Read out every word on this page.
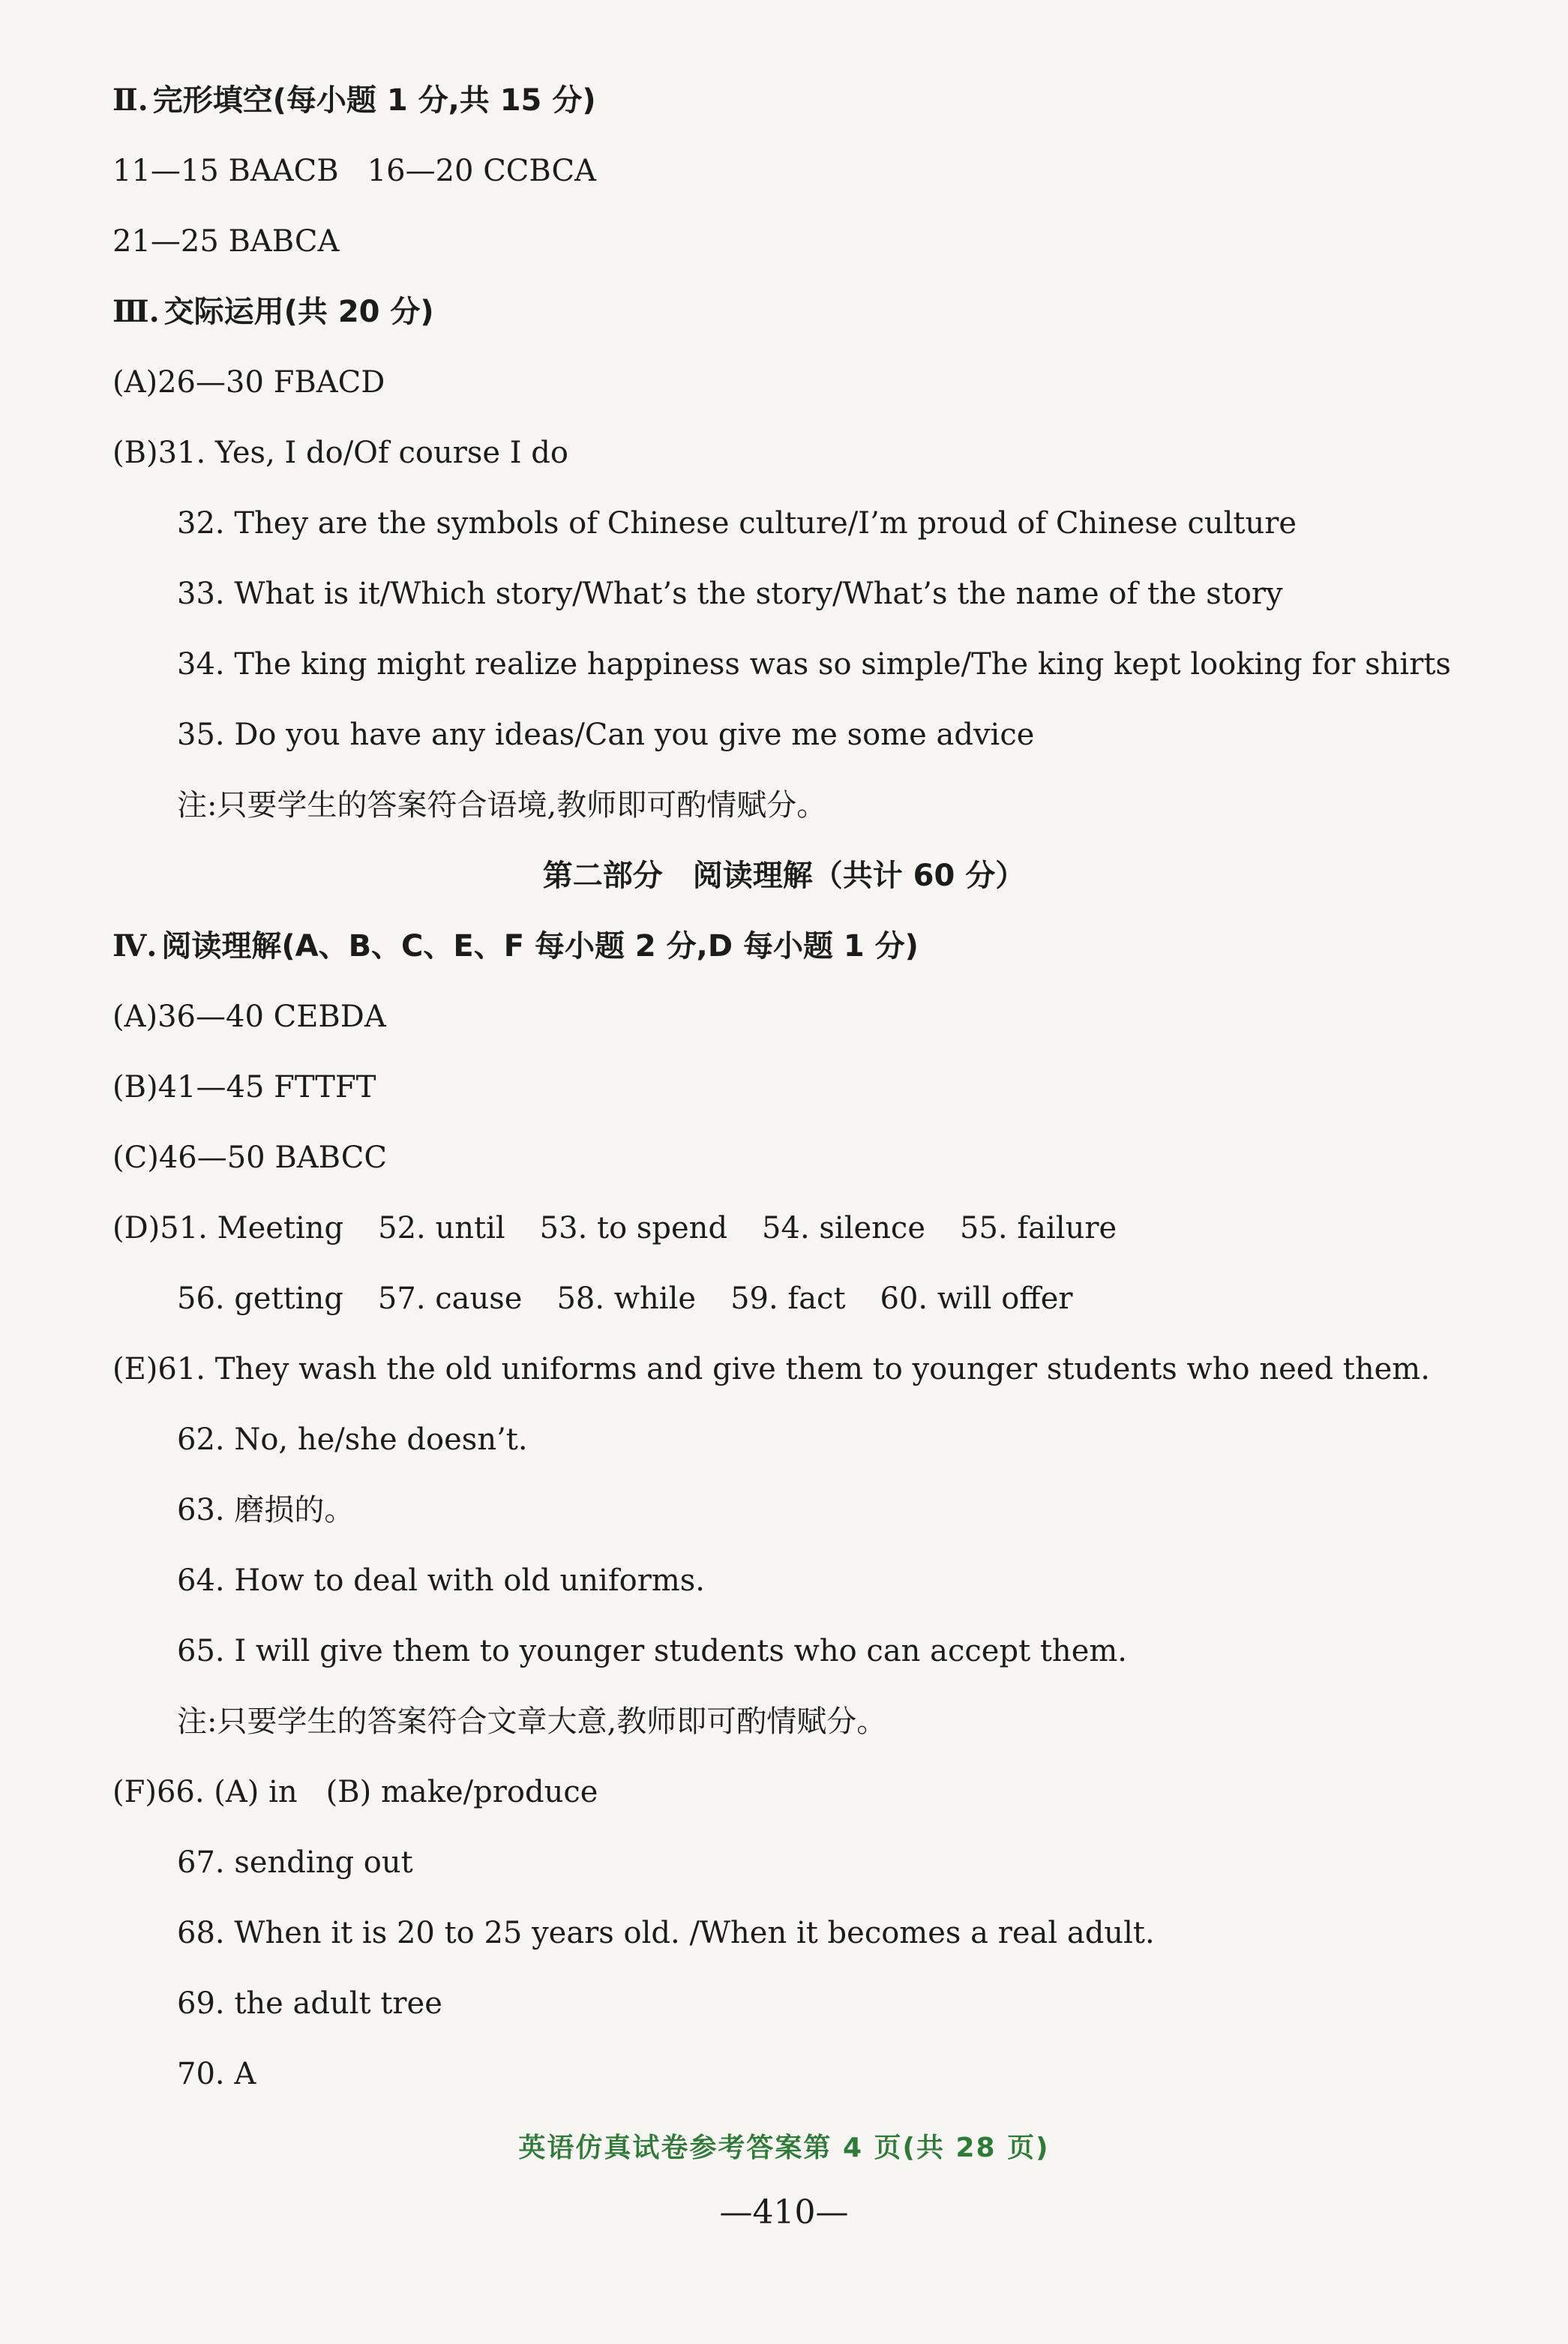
Ⅱ. 完形填空(每小题 1 分,共 15 分)
11—15 BAACB 16—20 CCBCA
21—25 BABCA
Ⅲ. 交际运用(共 20 分)
(A)26—30 FBACD
(B)31. Yes, I do/Of course I do
32. They are the symbols of Chinese culture/I’m proud of Chinese culture
33. What is it/Which story/What’s the story/What’s the name of the story
34. The king might realize happiness was so simple/The king kept looking for shirts
35. Do you have any ideas/Can you give me some advice
注:只要学生的答案符合语境,教师即可酌情赋分。
第二部分　阅读理解（共计 60 分）
Ⅳ. 阅读理解(A、B、C、E、F 每小题 2 分,D 每小题 1 分)
(A)36—40 CEBDA
(B)41—45 FTTFT
(C)46—50 BABCC
(D)51. Meeting 52. until 53. to spend 54. silence 55. failure
56. getting 57. cause 58. while 59. fact 60. will offer
(E)61. They wash the old uniforms and give them to younger students who need them.
62. No, he/she doesn’t.
63. 磨损的。
64. How to deal with old uniforms.
65. I will give them to younger students who can accept them.
注:只要学生的答案符合文章大意,教师即可酌情赋分。
(F)66. (A) in (B) make/produce
67. sending out
68. When it is 20 to 25 years old. /When it becomes a real adult.
69. the adult tree
70. A
英语仿真试卷参考答案第 4 页(共 28 页)
—410—
